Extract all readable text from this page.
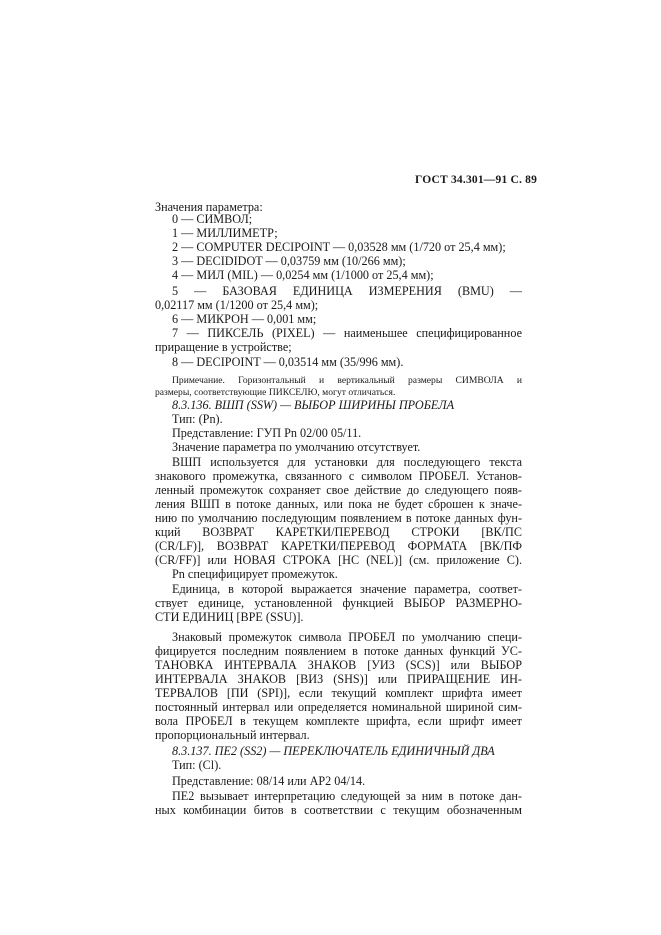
ГОСТ 34.301—91 С. 89
Значения параметра:
0 — СИМВОЛ;
1 — МИЛЛИМЕТР;
2 — COMPUTER DECIPOINT — 0,03528 мм (1/720 от 25,4 мм);
3 — DECIDIDOT — 0,03759 мм (10/266 мм);
4 — МИЛ (MIL) — 0,0254 мм (1/1000 от 25,4 мм);
5 — БАЗОВАЯ ЕДИНИЦА ИЗМЕРЕНИЯ (BMU) —
0,02117 мм (1/1200 от 25,4 мм);
6 — МИКРОН — 0,001 мм;
7 — ПИКСЕЛЬ (PIXEL) — наименьшее специфицированное
приращение в устройстве;
8 — DECIPOINT — 0,03514 мм (35/996 мм).
Примечание. Горизонтальный и вертикальный размеры СИМВОЛА и
размеры, соответствующие ПИКСЕЛЮ, могут отличаться.
8.3.136. ВШП (SSW) — ВЫБОР ШИРИНЫ ПРОБЕЛА
Тип: (Pn).
Представление: ГУП Pn 02/00 05/11.
Значение параметра по умолчанию отсутствует.
ВШП используется для установки для последующего текста
знакового промежутка, связанного с символом ПРОБЕЛ. Установ-
ленный промежуток сохраняет свое действие до следующего появ-
ления ВШП в потоке данных, или пока не будет сброшен к значе-
нию по умолчанию последующим появлением в потоке данных фун-
кций ВОЗВРАТ КАРЕТКИ/ПЕРЕВОД СТРОКИ [ВК/ПС
(CR/LF)], ВОЗВРАТ КАРЕТКИ/ПЕРЕВОД ФОРМАТА [ВК/ПФ
(CR/FF)] или НОВАЯ СТРОКА [НС (NEL)] (см. приложение С).
Pn специфицирует промежуток.
Единица, в которой выражается значение параметра, соответ-
ствует единице, установленной функцией ВЫБОР РАЗМЕРНО-
СТИ ЕДИНИЦ [ВРЕ (SSU)].
Знаковый промежуток символа ПРОБЕЛ по умолчанию специ-
фицируется последним появлением в потоке данных функций УС-
ТАНОВКА ИНТЕРВАЛА ЗНАКОВ [УИЗ (SCS)] или ВЫБОР
ИНТЕРВАЛА ЗНАКОВ [ВИЗ (SHS)] или ПРИРАЩЕНИЕ ИН-
ТЕРВАЛОВ [ПИ (SPI)], если текущий комплект шрифта имеет
постоянный интервал или определяется номинальной шириной сим-
вола ПРОБЕЛ в текущем комплекте шрифта, если шрифт имеет
пропорциональный интервал.
8.3.137. ПЕ2 (SS2) — ПЕРЕКЛЮЧАТЕЛЬ ЕДИНИЧНЫЙ ДВА
Тип: (Сl).
Представление: 08/14 или АР2 04/14.
ПЕ2 вызывает интерпретацию следующей за ним в потоке дан-
ных комбинации битов в соответствии с текущим обозначенным
